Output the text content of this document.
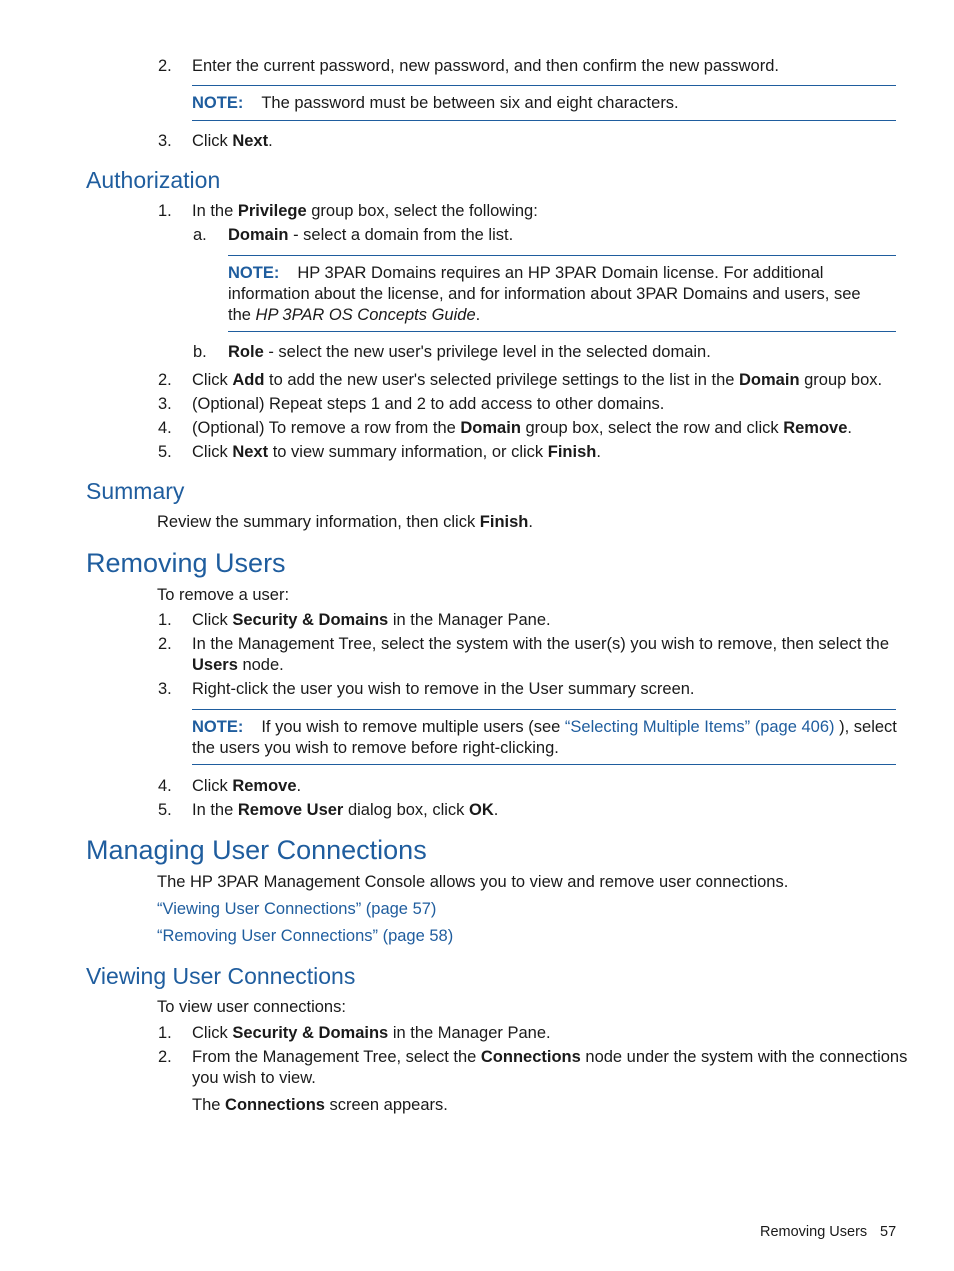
2. Enter the current password, new password, and then confirm the new password.
NOTE: The password must be between six and eight characters.
3. Click Next.
Authorization
1. In the Privilege group box, select the following:
a. Domain - select a domain from the list.
NOTE: HP 3PAR Domains requires an HP 3PAR Domain license. For additional
information about the license, and for information about 3PAR Domains and users, see
the HP 3PAR OS Concepts Guide.
b. Role - select the new user's privilege level in the selected domain.
2. Click Add to add the new user's selected privilege settings to the list in the Domain group box.
3. (Optional) Repeat steps 1 and 2 to add access to other domains.
4. (Optional) To remove a row from the Domain group box, select the row and click Remove.
5. Click Next to view summary information, or click Finish.
Summary
Review the summary information, then click Finish.
Removing Users
To remove a user:
1. Click Security & Domains in the Manager Pane.
2. In the Management Tree, select the system with the user(s) you wish to remove, then select the
Users node.
3. Right-click the user you wish to remove in the User summary screen.
NOTE: If you wish to remove multiple users (see “Selecting Multiple Items” (page 406) ), select
the users you wish to remove before right-clicking.
4. Click Remove.
5. In the Remove User dialog box, click OK.
Managing User Connections
The HP 3PAR Management Console allows you to view and remove user connections.
“Viewing User Connections” (page 57)
“Removing User Connections” (page 58)
Viewing User Connections
To view user connections:
1. Click Security & Domains in the Manager Pane.
2. From the Management Tree, select the Connections node under the system with the connections
you wish to view.
The Connections screen appears.
Removing Users 57
